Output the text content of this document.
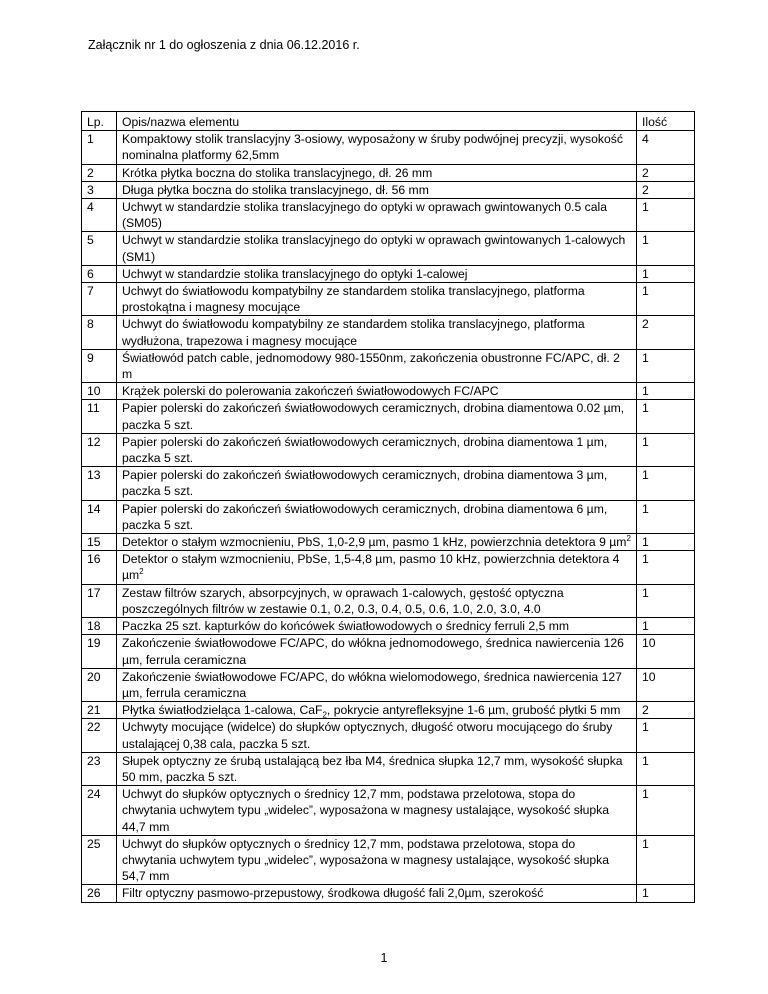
Załącznik nr 1 do ogłoszenia z dnia 06.12.2016 r.
Lp.	Opis/nazwa elementu	Ilość
1	Kompaktowy stolik translacyjny 3-osiowy, wyposażony w śruby podwójnej precyzji, wysokość nominalna platformy 62,5mm	4
2	Krótka płytka boczna do stolika translacyjnego, dł. 26 mm	2
3	Długa płytka boczna do stolika translacyjnego, dł. 56 mm	2
4	Uchwyt w standardzie stolika translacyjnego do optyki w oprawach gwintowanych 0.5 cala (SM05)	1
5	Uchwyt w standardzie stolika translacyjnego do optyki w oprawach gwintowanych 1-calowych (SM1)	1
6	Uchwyt w standardzie stolika translacyjnego do optyki 1-calowej	1
7	Uchwyt do światłowodu kompatybilny ze standardem stolika translacyjnego, platforma prostokątna i magnesy mocujące	1
8	Uchwyt do światłowodu kompatybilny ze standardem stolika translacyjnego, platforma wydłużona, trapezowa i magnesy mocujące	2
9	Światłowód patch cable, jednomodowy 980-1550nm, zakończenia obustronne FC/APC, dł. 2 m	1
10	Krążek polerski do polerowania zakończeń światłowodowych FC/APC	1
11	Papier polerski do zakończeń światłowodowych ceramicznych, drobina diamentowa 0.02 µm, paczka 5 szt.	1
12	Papier polerski do zakończeń światłowodowych ceramicznych, drobina diamentowa 1 µm, paczka 5 szt.	1
13	Papier polerski do zakończeń światłowodowych ceramicznych, drobina diamentowa 3 µm, paczka 5 szt.	1
14	Papier polerski do zakończeń światłowodowych ceramicznych, drobina diamentowa 6 µm, paczka 5 szt.	1
15	Detektor o stałym wzmocnieniu, PbS, 1,0-2,9 µm, pasmo 1 kHz, powierzchnia detektora 9 µm$^2$	1
16	Detektor o stałym wzmocnieniu, PbSe, 1,5-4,8 µm, pasmo 10 kHz, powierzchnia detektora 4 µm$^2$	1
17	Zestaw filtrów szarych, absorpcyjnych, w oprawach 1-calowych, gęstość optyczna poszczególnych filtrów w zestawie 0.1, 0.2, 0.3, 0.4, 0.5, 0.6, 1.0, 2.0, 3.0, 4.0	1
18	Paczka 25 szt. kapturków do końcówek światłowodowych o średnicy ferruli 2,5 mm	1
19	Zakończenie światłowodowe FC/APC, do włókna jednomodowego, średnica nawiercenia 126 µm, ferrula ceramiczna	10
20	Zakończenie światłowodowe FC/APC, do włókna wielomodowego, średnica nawiercenia 127 µm, ferrula ceramiczna	10
21	Płytka światłodzieląca 1-calowa, CaF$_2$, pokrycie antyrefleksyjne 1-6 µm, grubość płytki 5 mm	2
22	Uchwyty mocujące (widelce) do słupków optycznych, długość otworu mocującego do śruby ustalającej 0,38 cala, paczka 5 szt.	1
23	Słupek optyczny ze śrubą ustalającą bez łba M4, średnica słupka 12,7 mm, wysokość słupka 50 mm, paczka 5 szt.	1
24	Uchwyt do słupków optycznych o średnicy 12,7 mm, podstawa przelotowa, stopa do chwytania uchwytem typu „widelec”, wyposażona w magnesy ustalające, wysokość słupka 44,7 mm	1
25	Uchwyt do słupków optycznych o średnicy 12,7 mm, podstawa przelotowa, stopa do chwytania uchwytem typu „widelec”, wyposażona w magnesy ustalające, wysokość słupka 54,7 mm	1
26	Filtr optyczny pasmowo-przepustowy, środkowa długość fali 2,0µm, szerokość	1
1
